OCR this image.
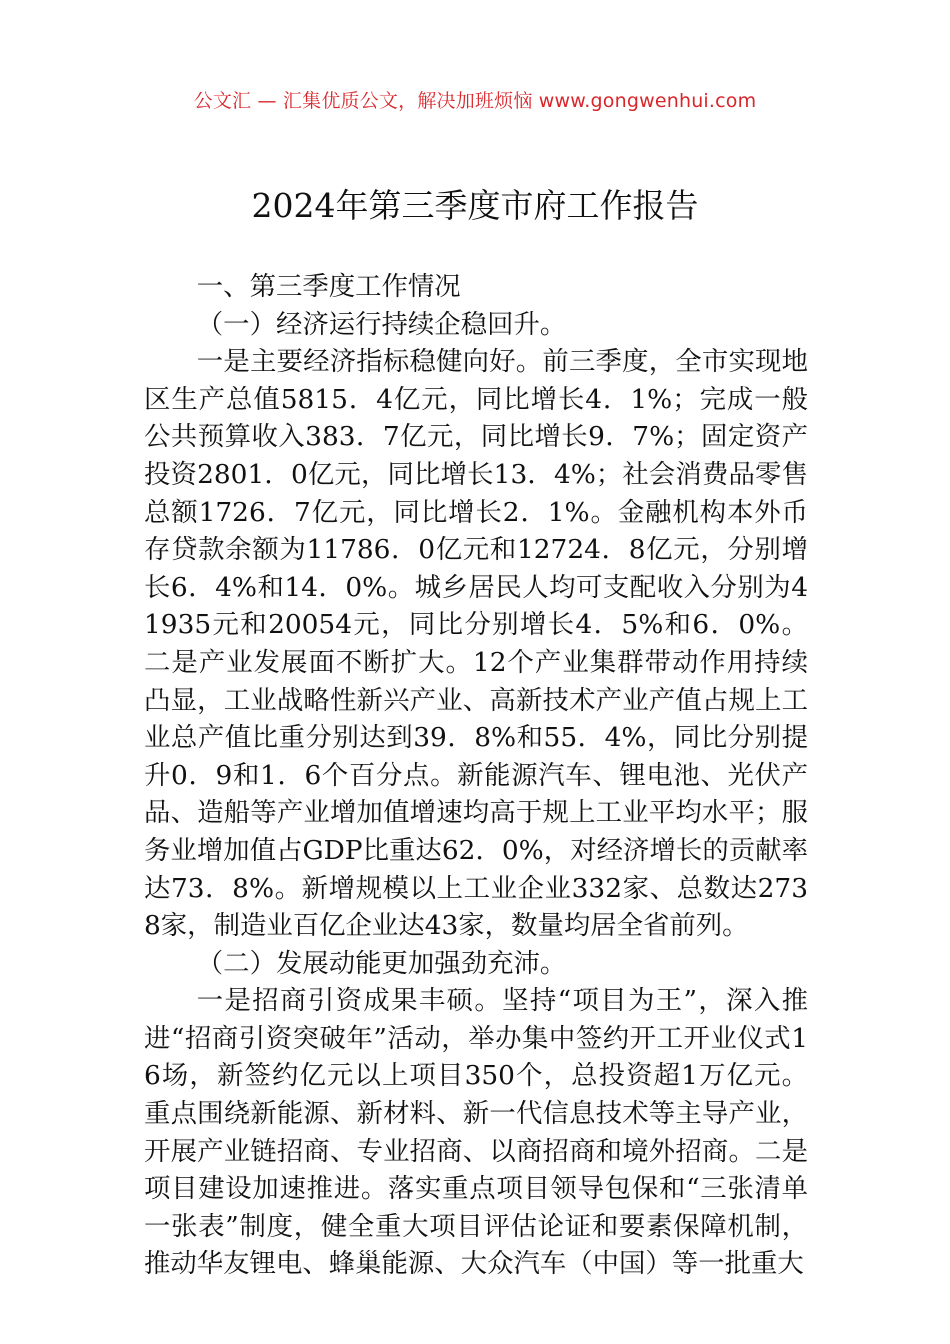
公文汇 — 汇集优质公文，解决加班烦恼 www.gongwenhui.com
2024年第三季度市府工作报告

一、第三季度工作情况

（一）经济运行持续企稳回升。

一是主要经济指标稳健向好。前三季度，全市实现地区生产总值5815．4亿元，同比增长4．1%；完成一般公共预算收入383．7亿元，同比增长9．7%；固定资产投资2801．0亿元，同比增长13．4%；社会消费品零售总额1726．7亿元，同比增长2．1%。金融机构本外币存贷款余额为11786．0亿元和12724．8亿元，分别增长6．4%和14．0%。城乡居民人均可支配收入分别为41935元和20054元，同比分别增长4．5%和6．0%。二是产业发展面不断扩大。12个产业集群带动作用持续凸显，工业战略性新兴产业、高新技术产业产值占规上工业总产值比重分别达到39．8%和55．4%，同比分别提升0．9和1．6个百分点。新能源汽车、锂电池、光伏产品、造船等产业增加值增速均高于规上工业平均水平；服务业增加值占GDP比重达62．0%，对经济增长的贡献率达73．8%。新增规模以上工业企业332家、总数达2738家，制造业百亿企业达43家，数量均居全省前列。

（二）发展动能更加强劲充沛。

一是招商引资成果丰硕。坚持“项目为王”，深入推进“招商引资突破年”活动，举办集中签约开工开业仪式16场，新签约亿元以上项目350个，总投资超1万亿元。重点围绕新能源、新材料、新一代信息技术等主导产业，开展产业链招商、专业招商、以商招商和境外招商。二是项目建设加速推进。落实重点项目领导包保和“三张清单一张表”制度，健全重大项目评估论证和要素保障机制，推动华友锂电、蜂巢能源、大众汽车（中国）等一批重大
